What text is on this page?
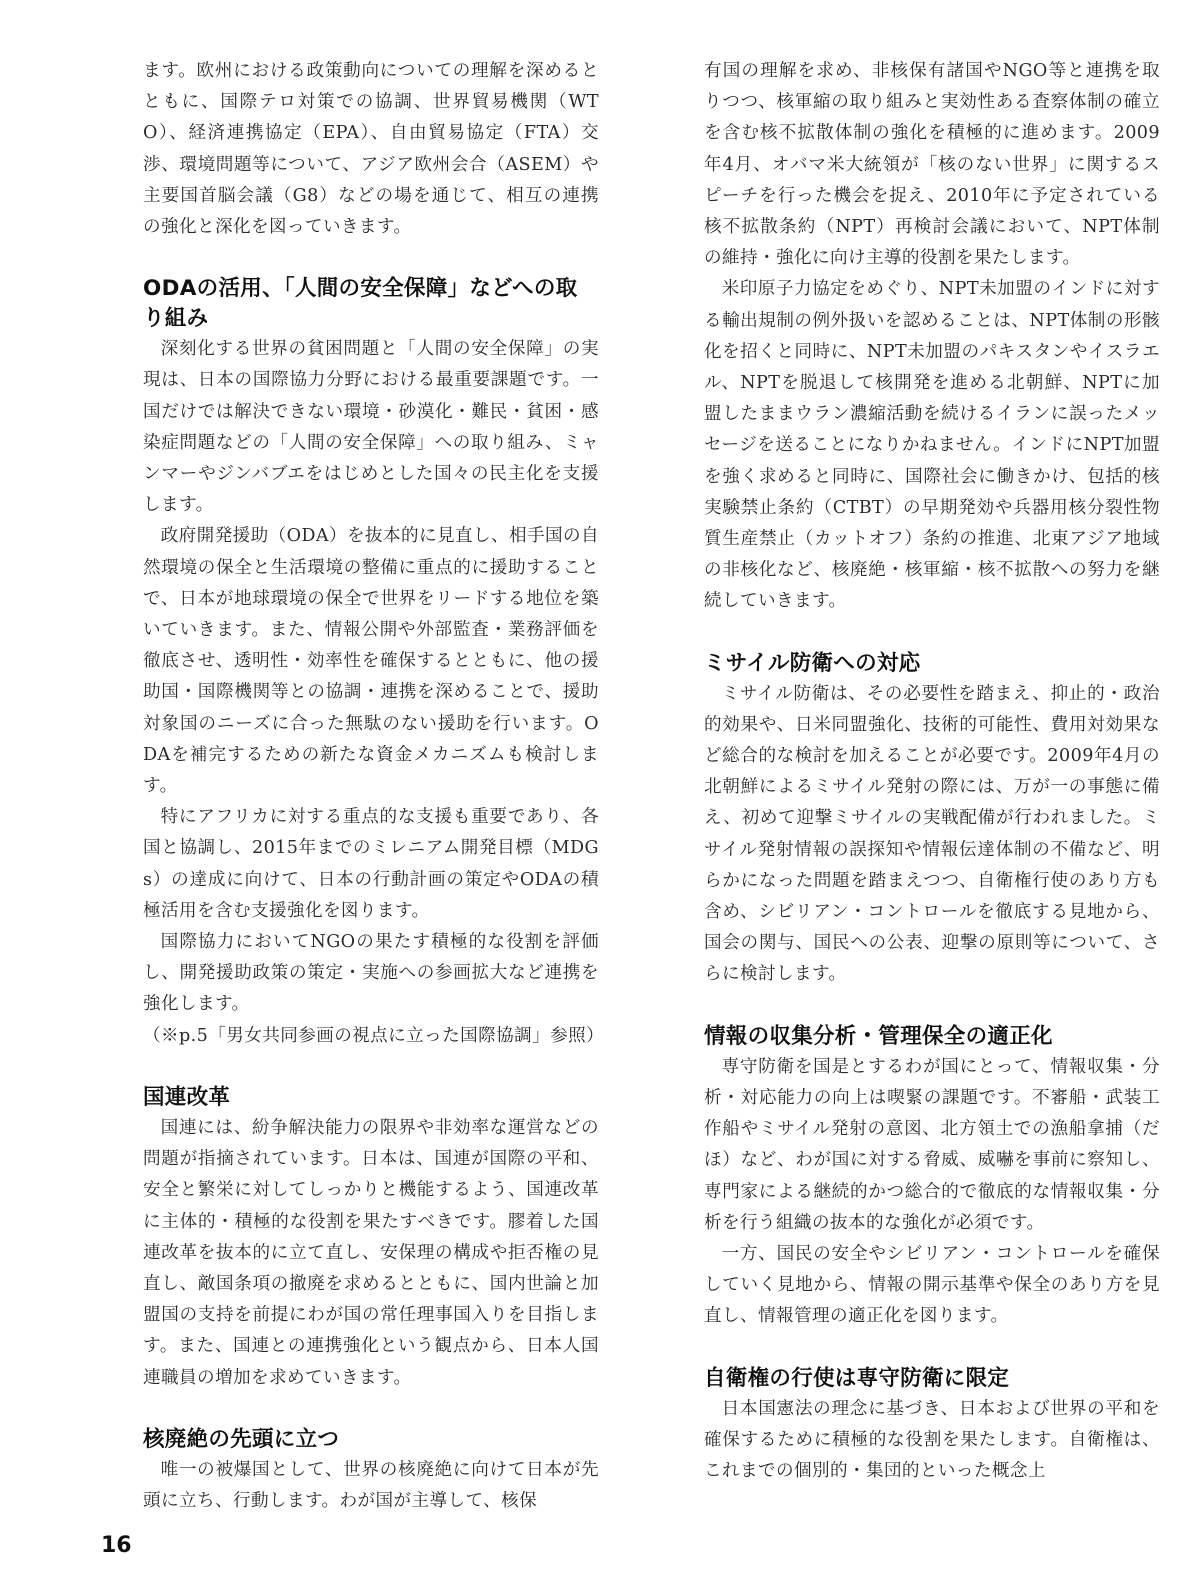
ます。欧州における政策動向についての理解を深めるとともに、国際テロ対策での協調、世界貿易機関（WTO）、経済連携協定（EPA）、自由貿易協定（FTA）交渉、環境問題等について、アジア欧州会合（ASEM）や主要国首脳会議（G8）などの場を通じて、相互の連携の強化と深化を図っていきます。

ODAの活用、「人間の安全保障」などへの取り組み

深刻化する世界の貧困問題と「人間の安全保障」の実現は、日本の国際協力分野における最重要課題です。一国だけでは解決できない環境・砂漠化・難民・貧困・感染症問題などの「人間の安全保障」への取り組み、ミャンマーやジンバブエをはじめとした国々の民主化を支援します。

政府開発援助（ODA）を抜本的に見直し、相手国の自然環境の保全と生活環境の整備に重点的に援助することで、日本が地球環境の保全で世界をリードする地位を築いていきます。また、情報公開や外部監査・業務評価を徹底させ、透明性・効率性を確保するとともに、他の援助国・国際機関等との協調・連携を深めることで、援助対象国のニーズに合った無駄のない援助を行います。ODAを補完するための新たな資金メカニズムも検討します。

特にアフリカに対する重点的な支援も重要であり、各国と協調し、2015年までのミレニアム開発目標（MDGs）の達成に向けて、日本の行動計画の策定やODAの積極活用を含む支援強化を図ります。

国際協力においてNGOの果たす積極的な役割を評価し、開発援助政策の策定・実施への参画拡大など連携を強化します。

（※p.5「男女共同参画の視点に立った国際協調」参照）

国連改革

国連には、紛争解決能力の限界や非効率な運営などの問題が指摘されています。日本は、国連が国際の平和、安全と繁栄に対してしっかりと機能するよう、国連改革に主体的・積極的な役割を果たすべきです。膠着した国連改革を抜本的に立て直し、安保理の構成や拒否権の見直し、敵国条項の撤廃を求めるとともに、国内世論と加盟国の支持を前提にわが国の常任理事国入りを目指します。また、国連との連携強化という観点から、日本人国連職員の増加を求めていきます。

核廃絶の先頭に立つ

唯一の被爆国として、世界の核廃絶に向けて日本が先頭に立ち、行動します。わが国が主導して、核保

有国の理解を求め、非核保有諸国やNGO等と連携を取りつつ、核軍縮の取り組みと実効性ある査察体制の確立を含む核不拡散体制の強化を積極的に進めます。2009年4月、オバマ米大統領が「核のない世界」に関するスピーチを行った機会を捉え、2010年に予定されている核不拡散条約（NPT）再検討会議において、NPT体制の維持・強化に向け主導的役割を果たします。

米印原子力協定をめぐり、NPT未加盟のインドに対する輸出規制の例外扱いを認めることは、NPT体制の形骸化を招くと同時に、NPT未加盟のパキスタンやイスラエル、NPTを脱退して核開発を進める北朝鮮、NPTに加盟したままウラン濃縮活動を続けるイランに誤ったメッセージを送ることになりかねません。インドにNPT加盟を強く求めると同時に、国際社会に働きかけ、包括的核実験禁止条約（CTBT）の早期発効や兵器用核分裂性物質生産禁止（カットオフ）条約の推進、北東アジア地域の非核化など、核廃絶・核軍縮・核不拡散への努力を継続していきます。

ミサイル防衛への対応

ミサイル防衛は、その必要性を踏まえ、抑止的・政治的効果や、日米同盟強化、技術的可能性、費用対効果など総合的な検討を加えることが必要です。2009年4月の北朝鮮によるミサイル発射の際には、万が一の事態に備え、初めて迎撃ミサイルの実戦配備が行われました。ミサイル発射情報の誤探知や情報伝達体制の不備など、明らかになった問題を踏まえつつ、自衛権行使のあり方も含め、シビリアン・コントロールを徹底する見地から、国会の関与、国民への公表、迎撃の原則等について、さらに検討します。

情報の収集分析・管理保全の適正化

専守防衛を国是とするわが国にとって、情報収集・分析・対応能力の向上は喫緊の課題です。不審船・武装工作船やミサイル発射の意図、北方領土での漁船拿捕（だほ）など、わが国に対する脅威、威嚇を事前に察知し、専門家による継続的かつ総合的で徹底的な情報収集・分析を行う組織の抜本的な強化が必須です。

一方、国民の安全やシビリアン・コントロールを確保していく見地から、情報の開示基準や保全のあり方を見直し、情報管理の適正化を図ります。

自衛権の行使は専守防衛に限定

日本国憲法の理念に基づき、日本および世界の平和を確保するために積極的な役割を果たします。自衛権は、これまでの個別的・集団的といった概念上

16
